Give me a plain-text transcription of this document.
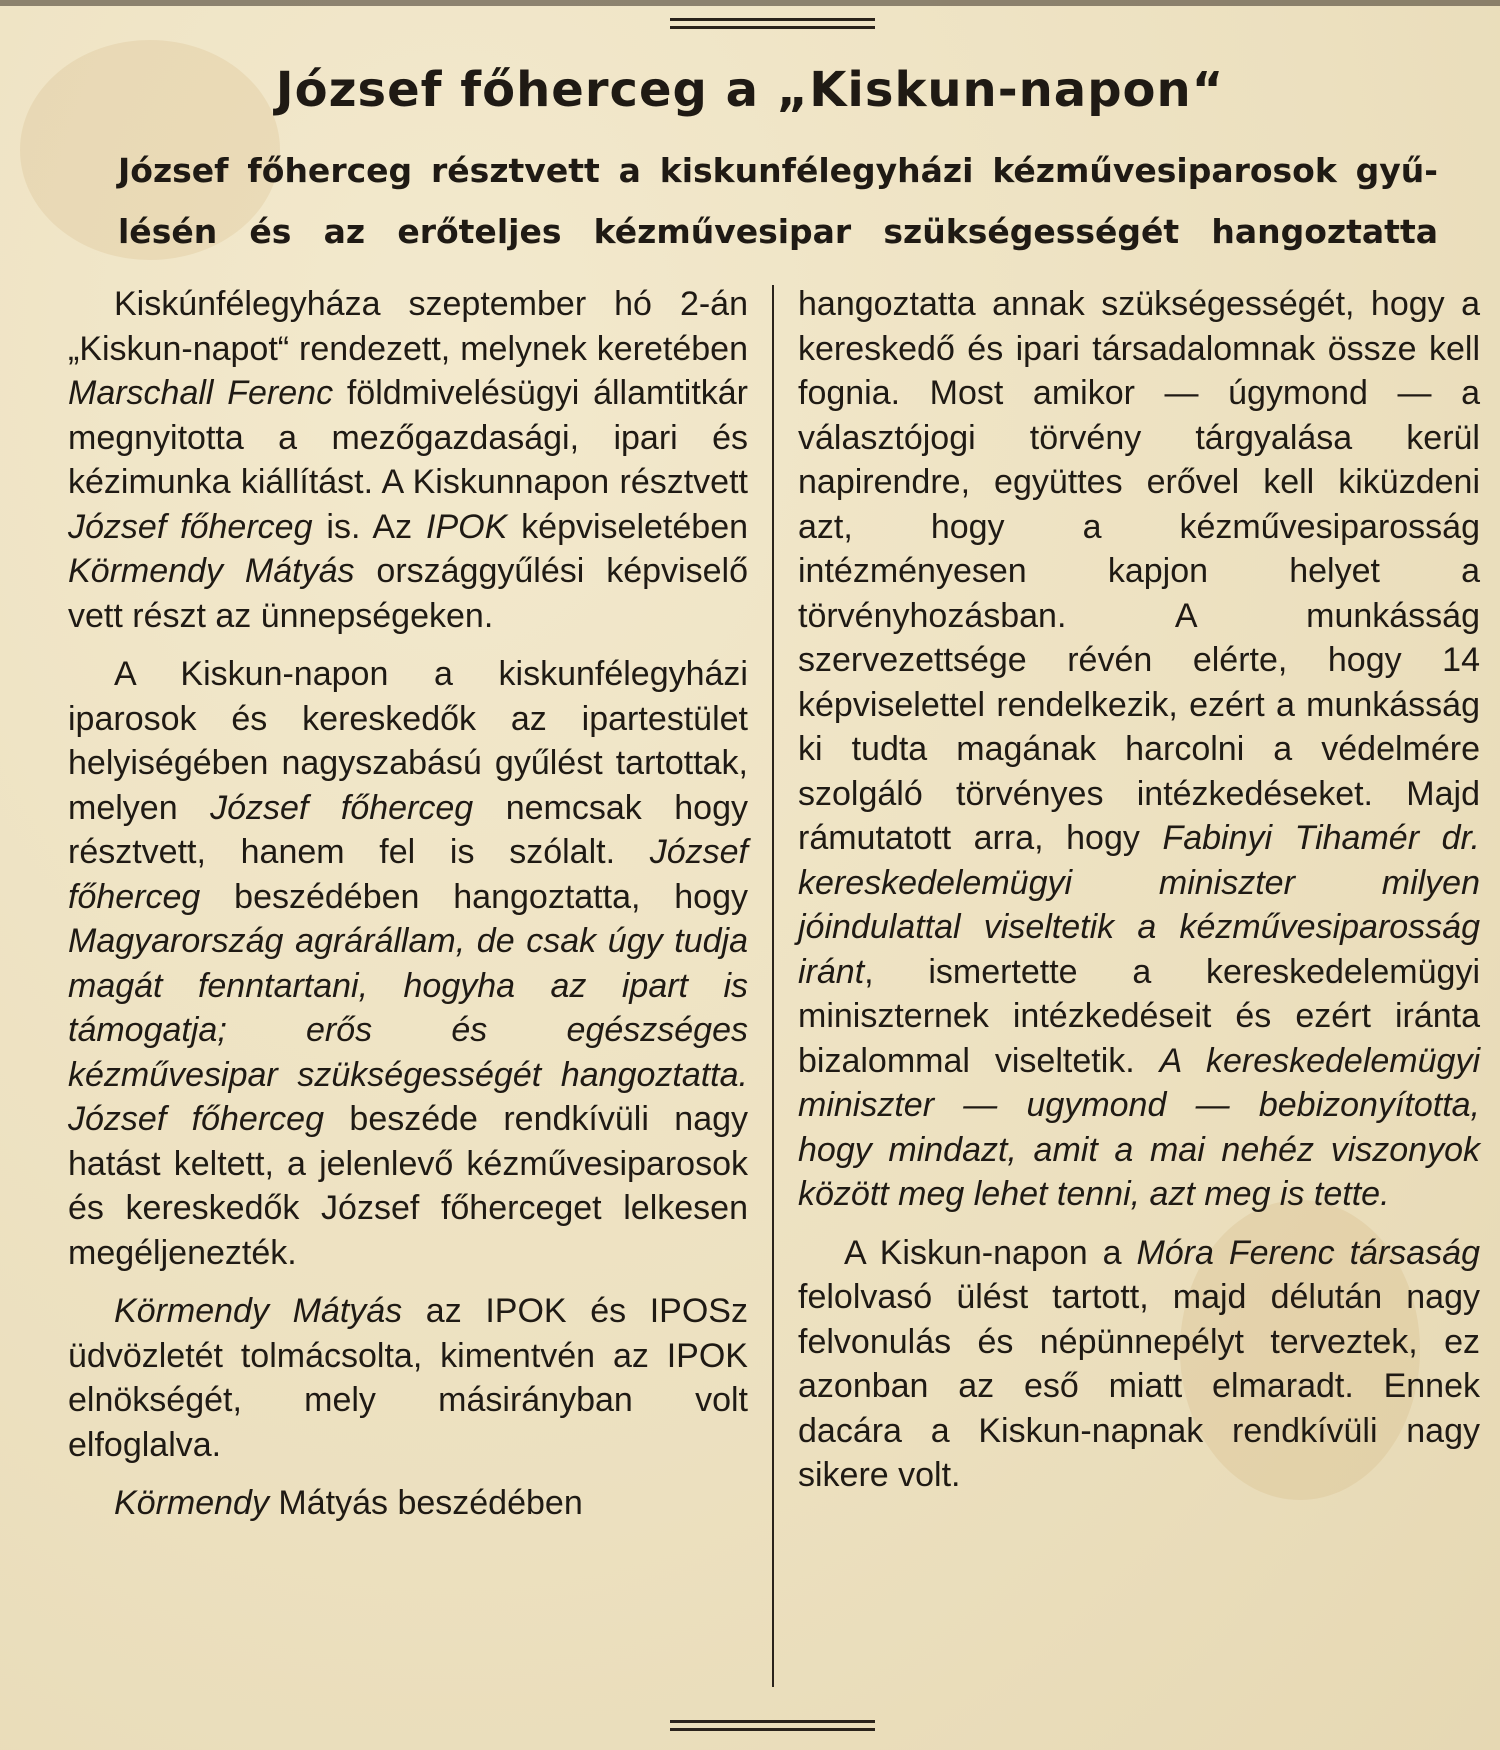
József főherceg a „Kiskun-napon“
József főherceg résztvett a kiskunfélegyházi kézművesiparosok gyű-lésén és az erőteljes kézművesipar szükségességét hangoztatta

Kiskúnfélegyháza szeptember hó 2-án „Kiskun-napot“ rendezett, melynek keretében Marschall Ferenc földmivelésügyi államtitkár megnyitotta a mezőgazdasági, ipari és kézimunka kiállítást. A Kiskunnapon résztvett József főherceg is. Az IPOK képviseletében Körmendy Mátyás országgyűlési képviselő vett részt az ünnepségeken.

A Kiskun-napon a kiskunfélegyházi iparosok és kereskedők az ipartestület helyiségében nagyszabású gyűlést tartottak, melyen József főherceg nemcsak hogy résztvett, hanem fel is szólalt. József főherceg beszédében hangoztatta, hogy Magyarország agrárállam, de csak úgy tudja magát fenntartani, hogyha az ipart is támogatja; erős és egészséges kézművesipar szükségességét hangoztatta. József főherceg beszéde rendkívüli nagy hatást keltett, a jelenlevő kézművesiparosok és kereskedők József főherceget lelkesen megéljenezték.

Körmendy Mátyás az IPOK és IPOSz üdvözletét tolmácsolta, kimentvén az IPOK elnökségét, mely másirányban volt elfoglalva.

Körmendy Mátyás beszédében

hangoztatta annak szükségességét, hogy a kereskedő és ipari társadalomnak össze kell fognia. Most amikor — úgymond — a választójogi törvény tárgyalása kerül napirendre, együttes erővel kell kiküzdeni azt, hogy a kézművesiparosság intézményesen kapjon helyet a törvényhozásban. A munkásság szervezettsége révén elérte, hogy 14 képviselettel rendelkezik, ezért a munkásság ki tudta magának harcolni a védelmére szolgáló törvényes intézkedéseket. Majd rámutatott arra, hogy Fabinyi Tihamér dr. kereskedelemügyi miniszter milyen jóindulattal viseltetik a kézművesiparosság iránt, ismertette a kereskedelemügyi miniszternek intézkedéseit és ezért iránta bizalommal viseltetik. A kereskedelemügyi miniszter — ugymond — bebizonyította, hogy mindazt, amit a mai nehéz viszonyok között meg lehet tenni, azt meg is tette.

A Kiskun-napon a Móra Ferenc társaság felolvasó ülést tartott, majd délután nagy felvonulás és népünnepélyt terveztek, ez azonban az eső miatt elmaradt. Ennek dacára a Kiskun-napnak rendkívüli nagy sikere volt.
